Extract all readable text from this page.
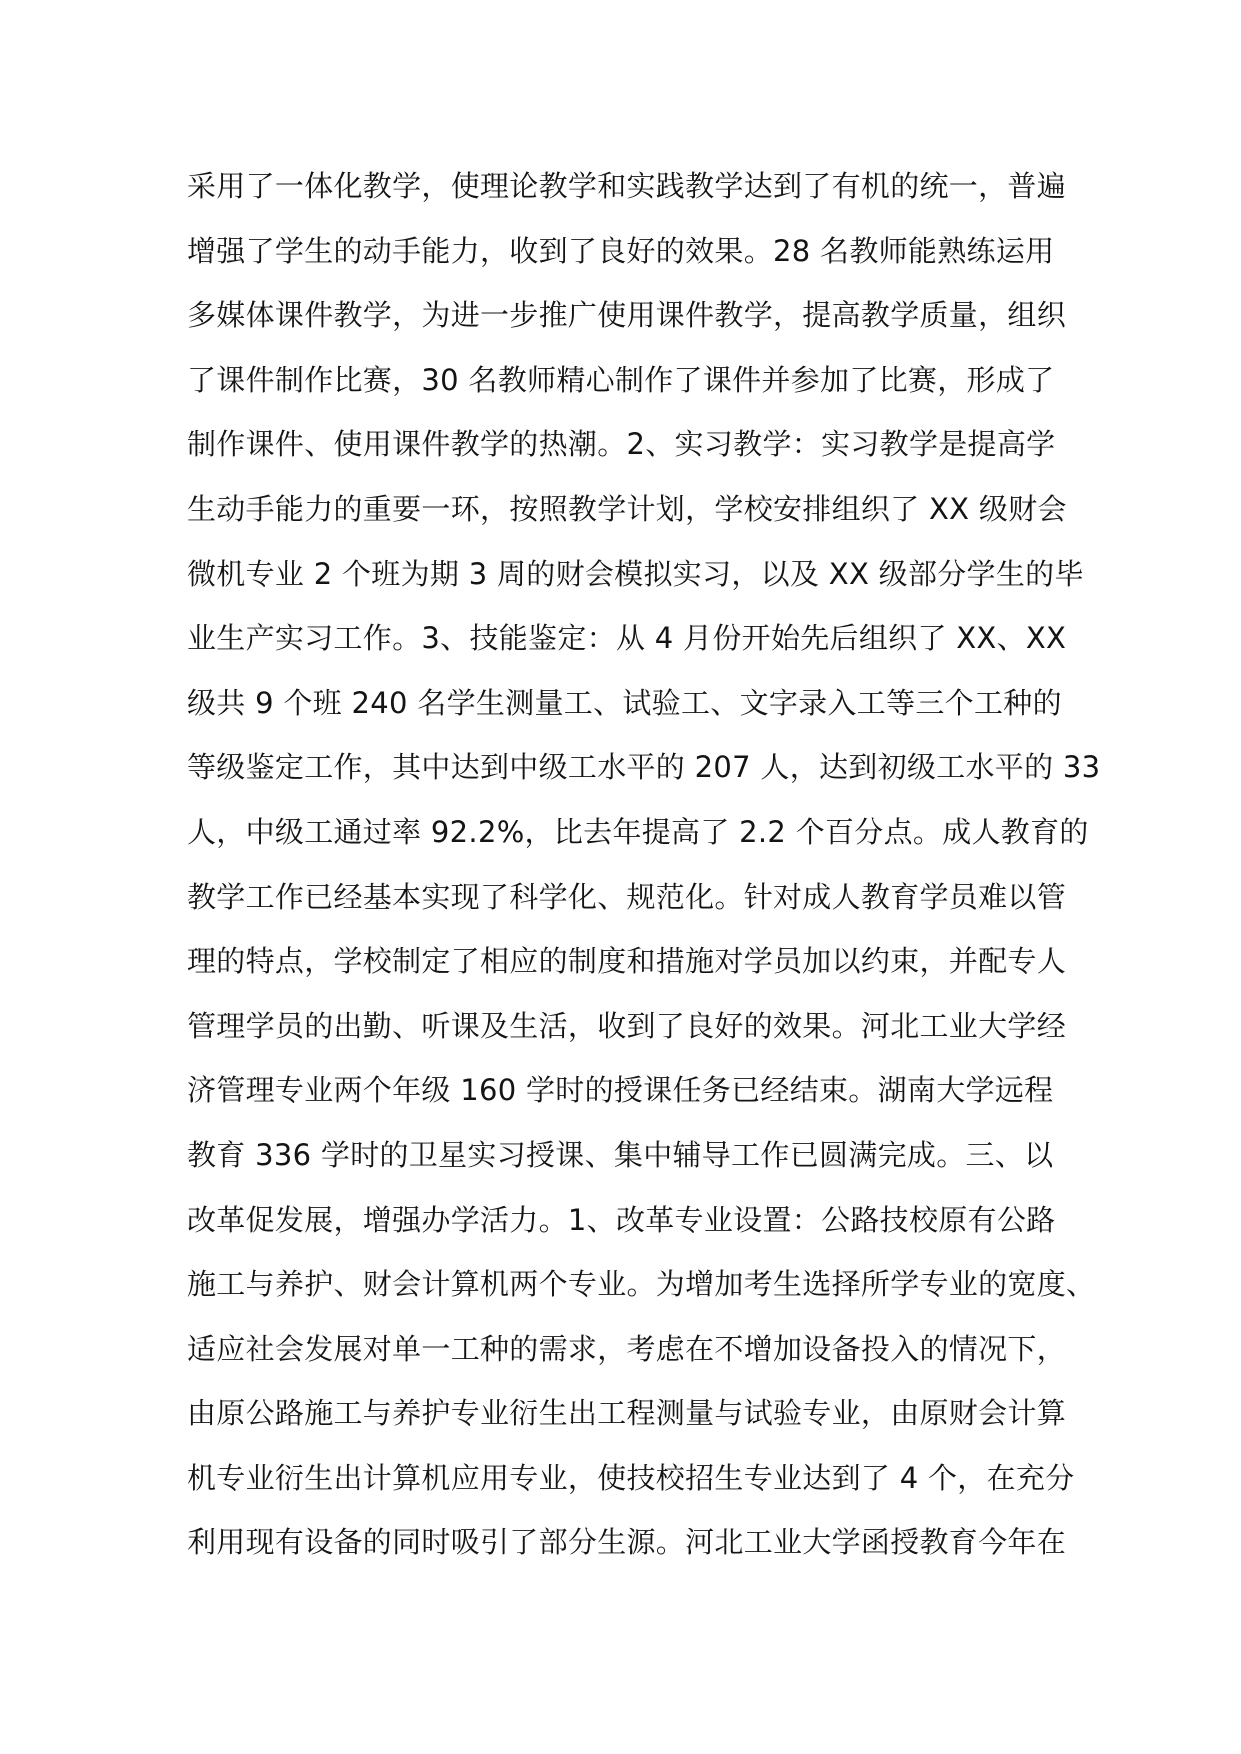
采用了一体化教学，使理论教学和实践教学达到了有机的统一，普遍
增强了学生的动手能力，收到了良好的效果。28 名教师能熟练运用
多媒体课件教学，为进一步推广使用课件教学，提高教学质量，组织
了课件制作比赛，30 名教师精心制作了课件并参加了比赛，形成了
制作课件、使用课件教学的热潮。2、实习教学：实习教学是提高学
生动手能力的重要一环，按照教学计划，学校安排组织了 XX 级财会
微机专业 2 个班为期 3 周的财会模拟实习，以及 XX 级部分学生的毕
业生产实习工作。3、技能鉴定：从 4 月份开始先后组织了 XX、XX
级共 9 个班 240 名学生测量工、试验工、文字录入工等三个工种的
等级鉴定工作，其中达到中级工水平的 207 人，达到初级工水平的 33
人，中级工通过率 92.2%，比去年提高了 2.2 个百分点。成人教育的
教学工作已经基本实现了科学化、规范化。针对成人教育学员难以管
理的特点，学校制定了相应的制度和措施对学员加以约束，并配专人
管理学员的出勤、听课及生活，收到了良好的效果。河北工业大学经
济管理专业两个年级 160 学时的授课任务已经结束。湖南大学远程
教育 336 学时的卫星实习授课、集中辅导工作已圆满完成。三、以
改革促发展，增强办学活力。1、改革专业设置：公路技校原有公路
施工与养护、财会计算机两个专业。为增加考生选择所学专业的宽度、
适应社会发展对单一工种的需求，考虑在不增加设备投入的情况下，
由原公路施工与养护专业衍生出工程测量与试验专业，由原财会计算
机专业衍生出计算机应用专业，使技校招生专业达到了 4 个，在充分
利用现有设备的同时吸引了部分生源。河北工业大学函授教育今年在
